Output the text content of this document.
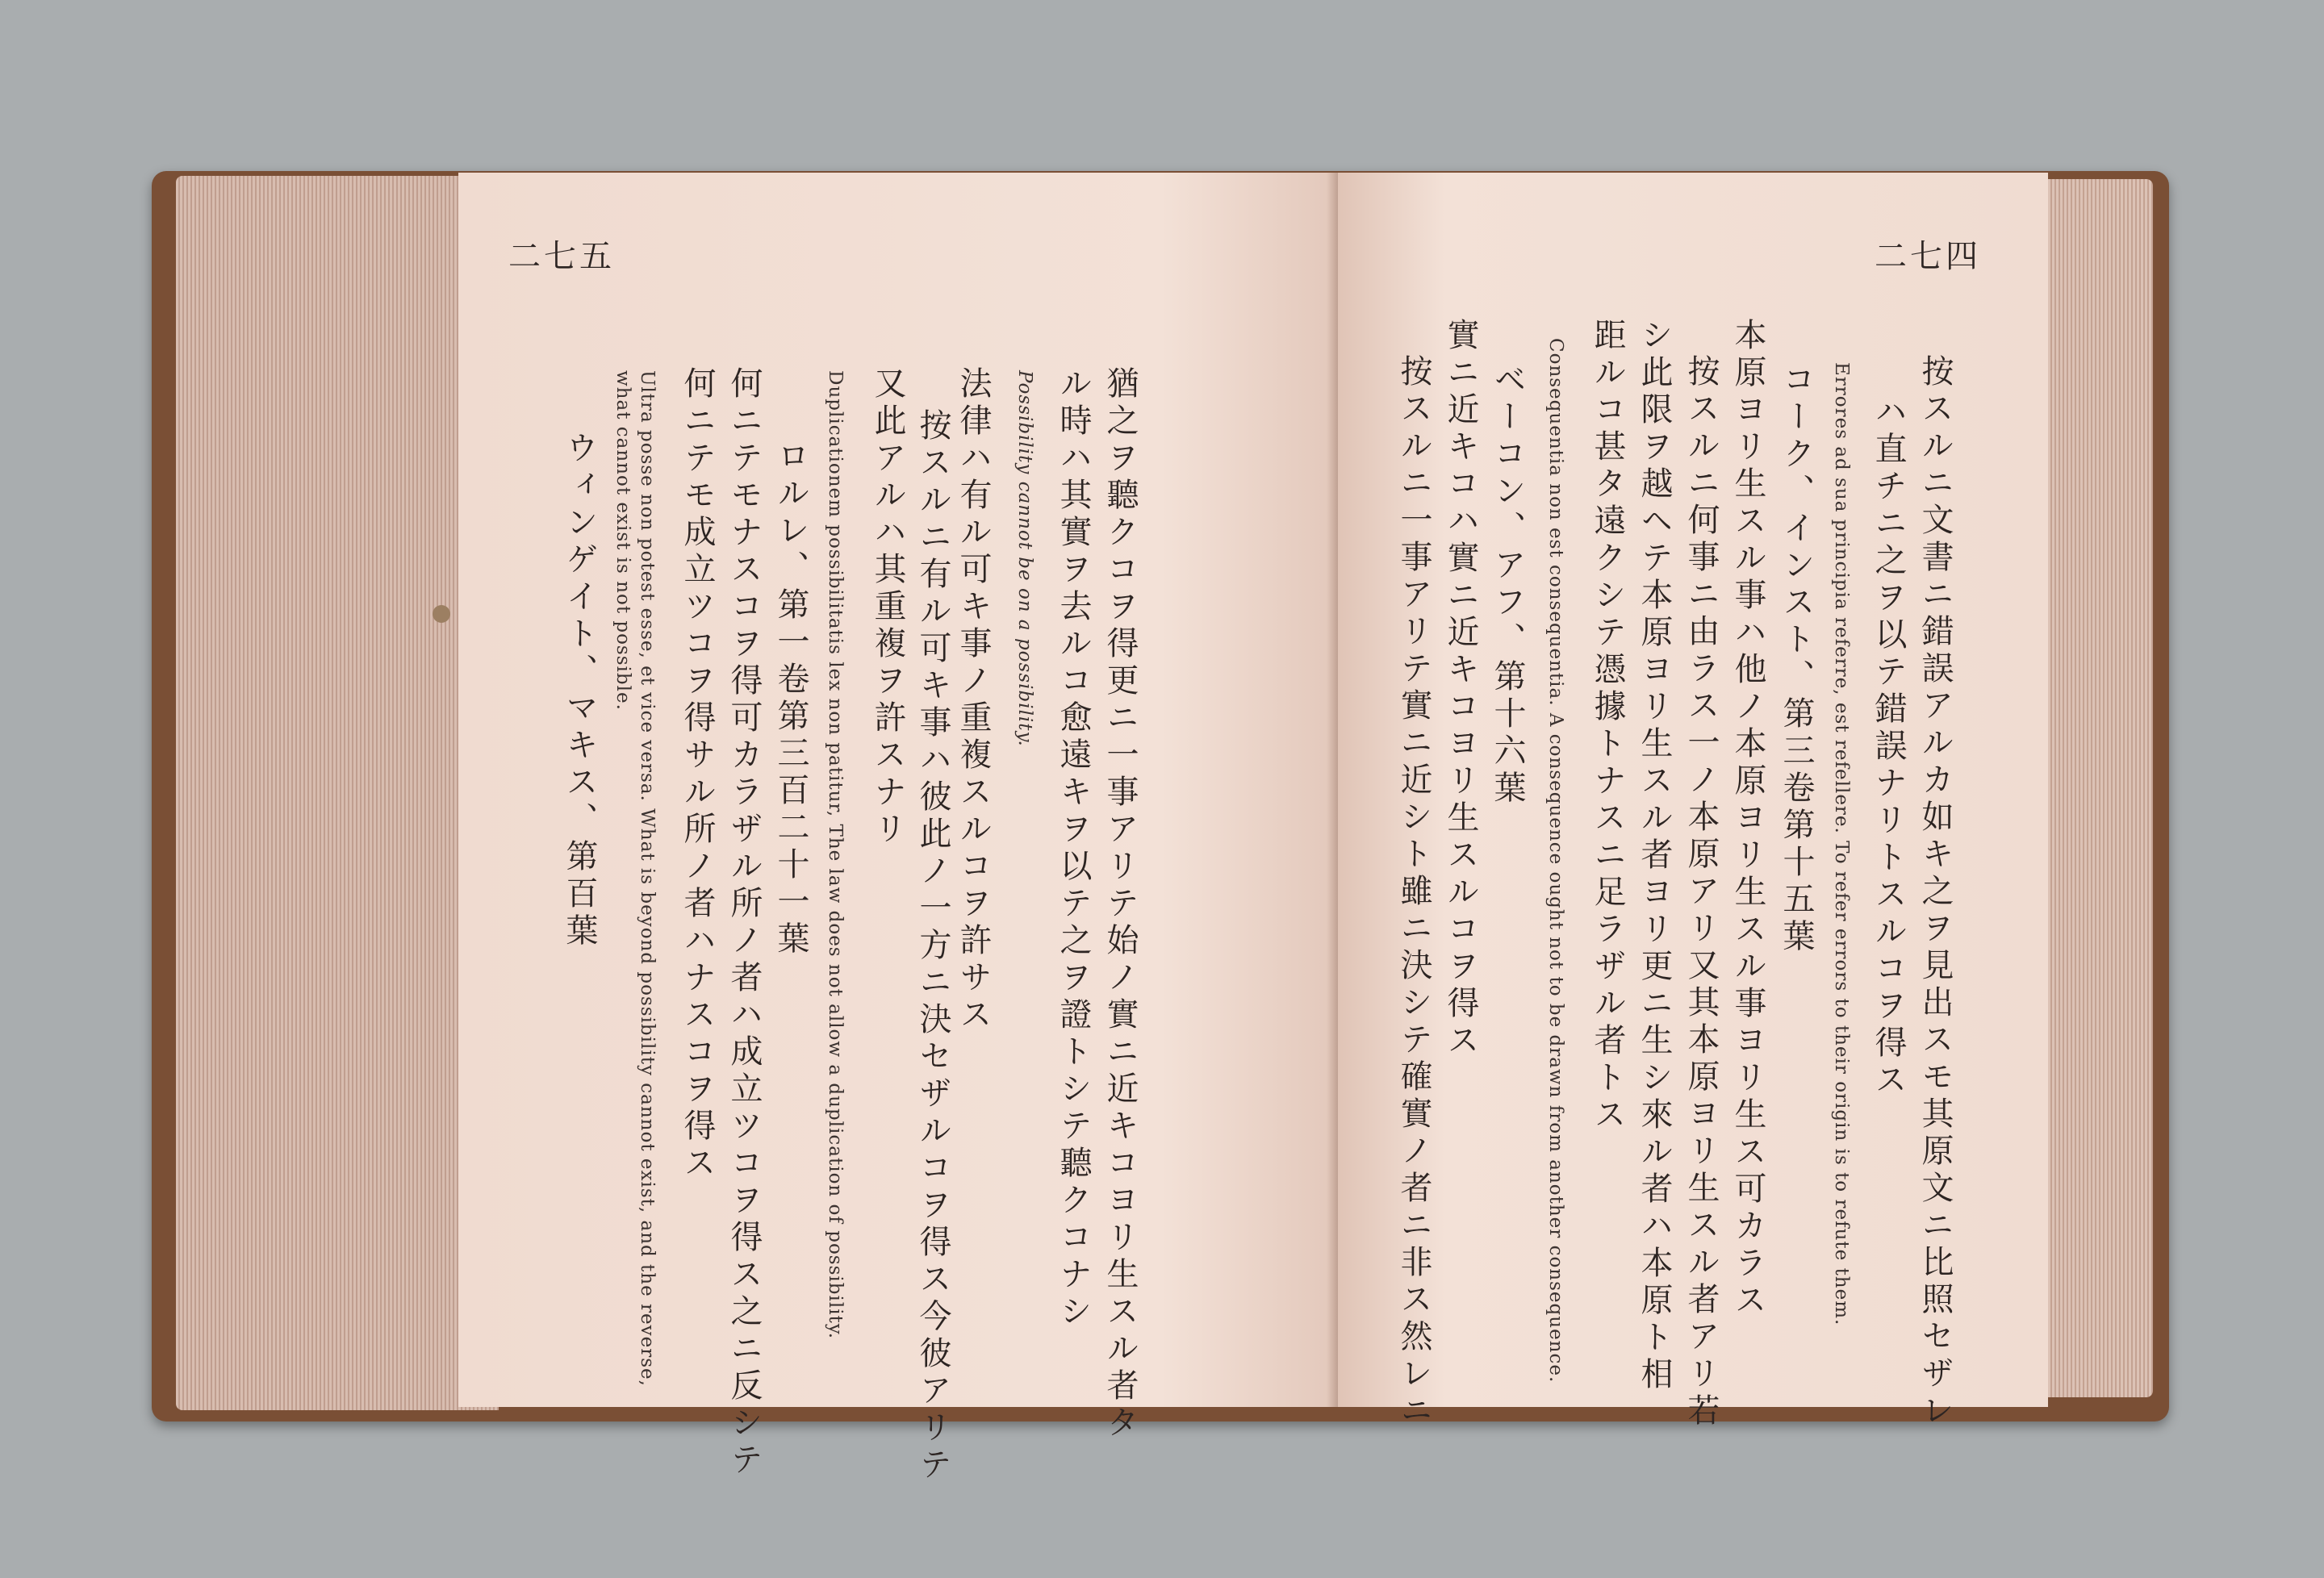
二七五
猶之ヲ聽クコヲ得更ニ一事アリテ始ノ實ニ近キコヨリ生スル者タ
ル時ハ其實ヲ去ルコ愈遠キヲ以テ之ヲ證トシテ聽クコナシ
Possibility cannot be on a possibility.
法律ハ有ル可キ事ノ重複スルコヲ許サス
按スルニ有ル可キ事ハ彼此ノ一方ニ決セザルコヲ得ス今彼アリテ
又此アルハ其重複ヲ許スナリ
Duplicationem possibilitatis lex non patitur, The law does not allow a duplication of possibility.
ロルレ、第一卷第三百二十一葉
何ニテモナスコヲ得可カラザル所ノ者ハ成立ツコヲ得ス之ニ反シテ
何ニテモ成立ツコヲ得サル所ノ者ハナスコヲ得ス
Ultra posse non potest esse, et vice versa. What is beyond possibility cannot exist, and the reverse,
what cannot exist is not possible.
ウィンゲイト、マキス、第百葉
二七四
按スルニ文書ニ錯誤アルカ如キ之ヲ見出スモ其原文ニ比照セザレ
ハ直チニ之ヲ以テ錯誤ナリトスルコヲ得ス
Errores ad sua principia referre, est refellere. To refer errors to their origin is to refute them.
コーク、インスト、第三卷第十五葉
本原ヨリ生スル事ハ他ノ本原ヨリ生スル事ヨリ生ス可カラス
按スルニ何事ニ由ラス一ノ本原アリ又其本原ヨリ生スル者アリ若
シ此限ヲ越ヘテ本原ヨリ生スル者ヨリ更ニ生シ來ル者ハ本原ト相
距ルコ甚タ遠クシテ憑據トナスニ足ラザル者トス
Consequentia non est consequentia. A consequence ought not to be drawn from another consequence.
ベーコン、アフ、第十六葉
實ニ近キコハ實ニ近キコヨリ生スルコヲ得ス
按スルニ一事アリテ實ニ近シト雖ニ決シテ確實ノ者ニ非ス然レニ
